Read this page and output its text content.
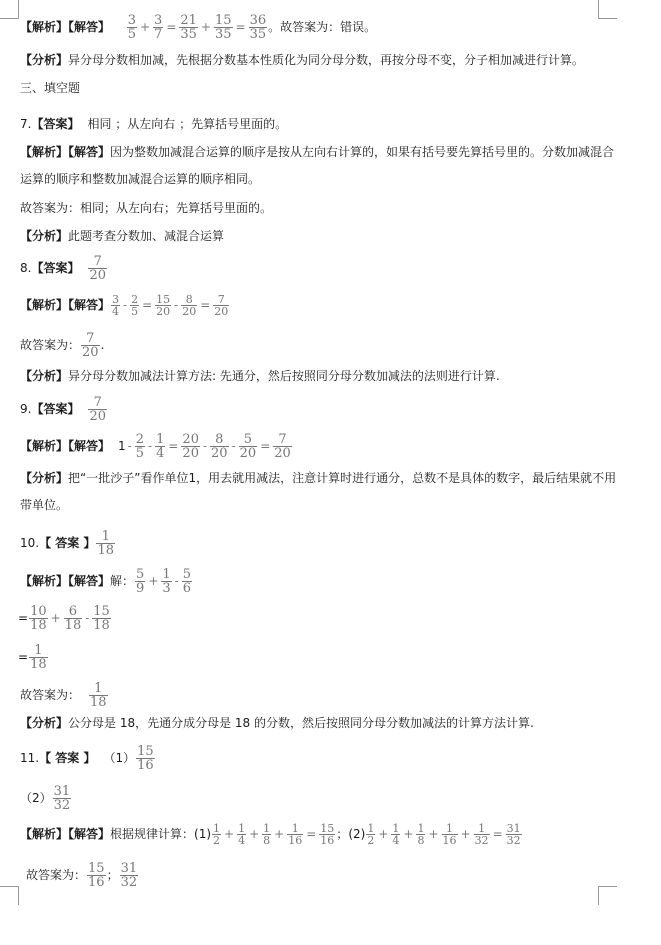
【解析】【解答】 $\frac{3}{5} + \frac{3}{7} = \frac{21}{35} + \frac{15}{35} = \frac{36}{35}$ 。故答案为：错误。
【分析】异分母分数相加减，先根据分数基本性质化为同分母分数，再按分母不变，分子相加减进行计算。
三、填空题
7.【答案】 相同 ；从左向右 ；先算括号里面的。
【解析】【解答】因为整数加减混合运算的顺序是按从左向右计算的，如果有括号要先算括号里的。分数加减混合运算的顺序和整数加减混合运算的顺序相同。
故答案为：相同；从左向右；先算括号里面的。
【分析】此题考查分数加、减混合运算
8.【答案】 $\frac{7}{20}$
【解析】【解答】 $\frac{3}{4} - \frac{2}{5} = \frac{15}{20} - \frac{8}{20} = \frac{7}{20}$
故答案为： $\frac{7}{20}$ .
【分析】异分母分数加减法计算方法: 先通分，然后按照同分母分数加减法的法则进行计算.
9.【答案】 $\frac{7}{20}$
【解析】【解答】 $1 - \frac{2}{5} - \frac{1}{4} = \frac{20}{20} - \frac{8}{20} - \frac{5}{20} = \frac{7}{20}$
【分析】把“一批沙子”看作单位1，用去就用减法，注意计算时进行通分，总数不是具体的数字，最后结果就不用带单位。
10.【 答案 】 $\frac{1}{18}$
【解析】【解答】解： $\frac{5}{9} + \frac{1}{3} - \frac{5}{6}$
= $\frac{10}{18} + \frac{6}{18} - \frac{15}{18}$
= $\frac{1}{18}$
故答案为： $\frac{1}{18}$
【分析】公分母是 18，先通分成分母是 18 的分数，然后按照同分母分数加减法的计算方法计算.
11.【 答案 】 $(1) \frac{15}{16}$
$(2) \frac{31}{32}$
【解析】【解答】根据规律计算：$(1) \frac{1}{2} + \frac{1}{4} + \frac{1}{8} + \frac{1}{16} = \frac{15}{16}$ ；$(2) \frac{1}{2} + \frac{1}{4} + \frac{1}{8} + \frac{1}{16} + \frac{1}{32} = \frac{31}{32}$
故答案为： $\frac{15}{16}$ ； $\frac{31}{32}$
